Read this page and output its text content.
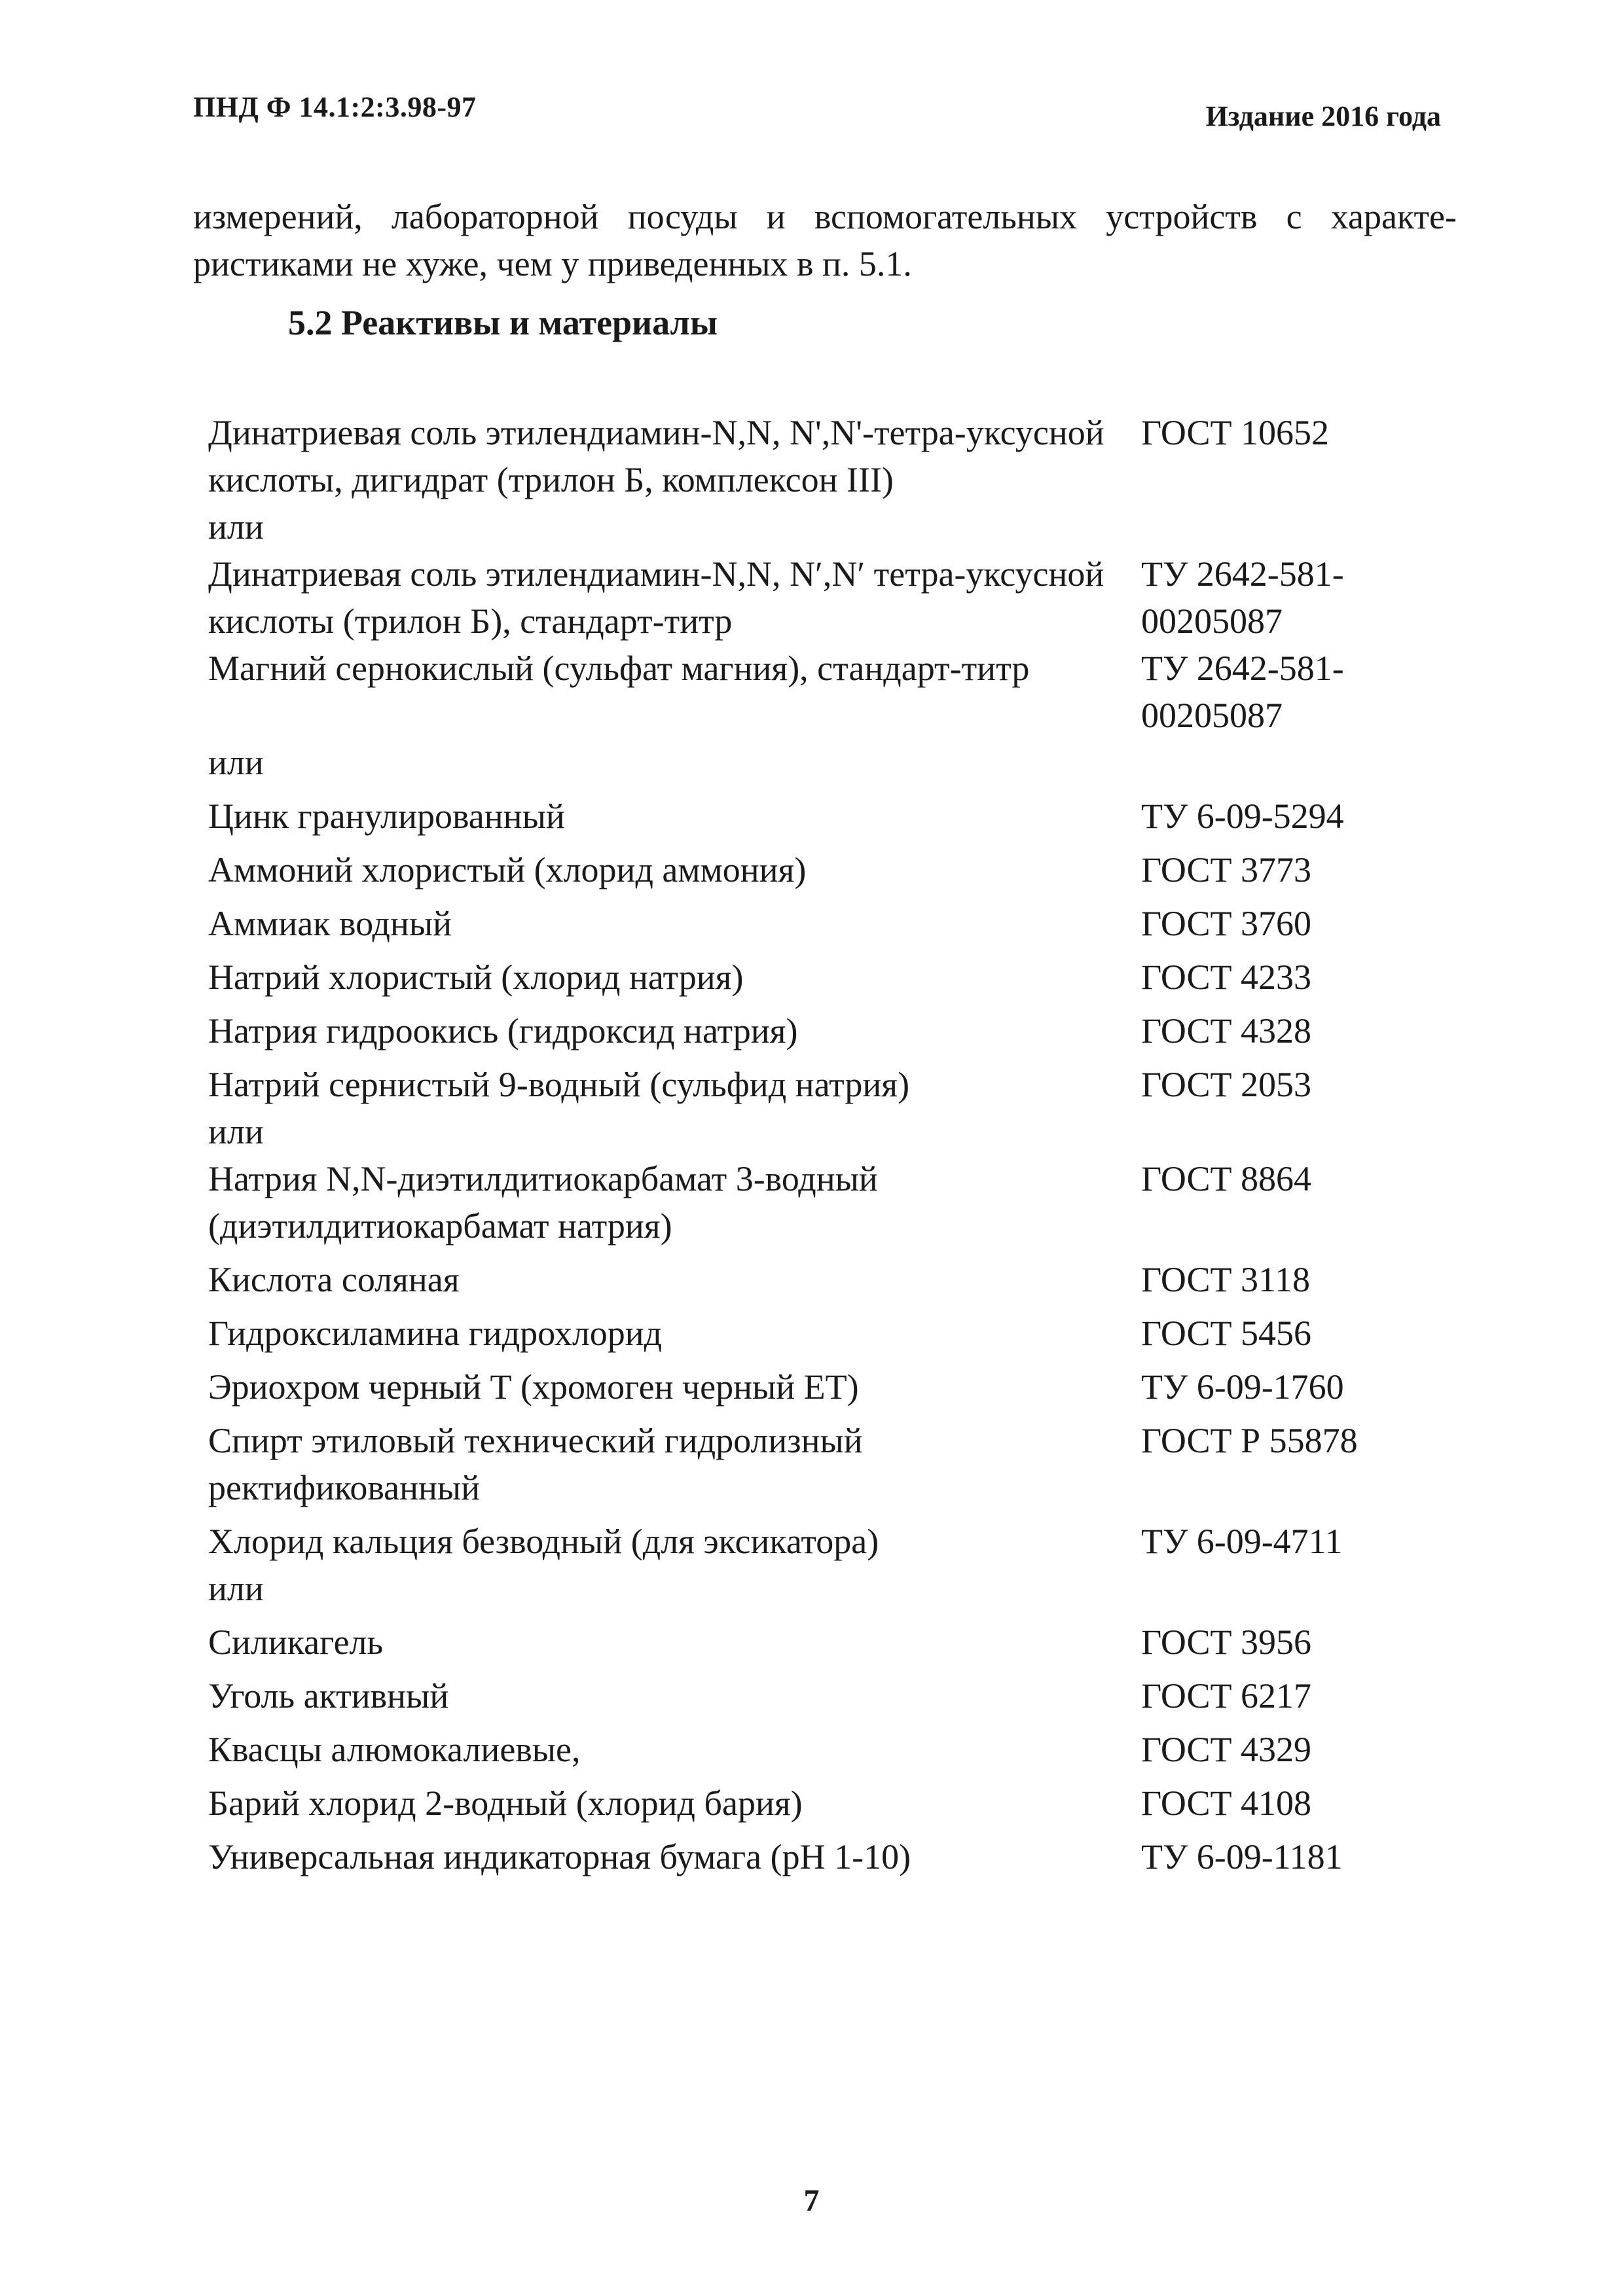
ПНД Ф 14.1:2:3.98-97	Издание 2016 года
измерений, лабораторной посуды и вспомогательных устройств с характе-ристиками не хуже, чем у приведенных в п. 5.1.
5.2 Реактивы и материалы
Динатриевая соль этилендиамин-N,N, N',N'-тетра-уксусной кислоты, дигидрат (трилон Б, комплексон III)	ГОСТ 10652
или	
Динатриевая соль этилендиамин-N,N, N′,N′ тетра-уксусной кислоты (трилон Б), стандарт-титр	ТУ 2642-581-00205087
Магний сернокислый (сульфат магния), стандарт-титр	ТУ 2642-581-00205087
или	
Цинк гранулированный	ТУ 6-09-5294
Аммоний хлористый (хлорид аммония)	ГОСТ 3773
Аммиак водный	ГОСТ 3760
Натрий хлористый (хлорид натрия)	ГОСТ 4233
Натрия гидроокись (гидроксид натрия)	ГОСТ 4328
Натрий сернистый 9-водный (сульфид натрия)	ГОСТ 2053
или	
Натрия N,N-диэтилдитиокарбамат 3-водный (диэтилдитиокарбамат натрия)	ГОСТ 8864
Кислота соляная	ГОСТ 3118
Гидроксиламина гидрохлорид	ГОСТ 5456
Эриохром черный Т (хромоген черный ЕТ)	ТУ 6-09-1760
Спирт этиловый технический гидролизный ректификованный	ГОСТ Р 55878
Хлорид кальция безводный (для эксикатора)	ТУ 6-09-4711
или	
Силикагель	ГОСТ 3956
Уголь активный	ГОСТ 6217
Квасцы алюмокалиевые,	ГОСТ 4329
Барий хлорид 2-водный (хлорид бария)	ГОСТ 4108
Универсальная индикаторная бумага (pH 1-10)	ТУ 6-09-1181
7
